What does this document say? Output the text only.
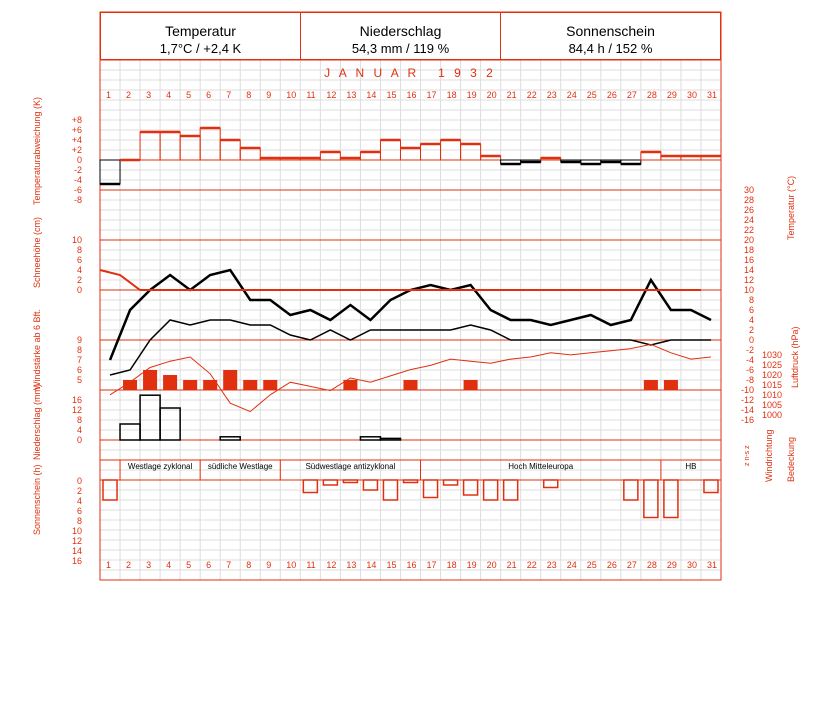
Temperatur
1,7°C / +2,4 K
Niederschlag
54,3 mm / 119 %
Sonnenschein
84,4 h / 152 %
J A N U A R   1 9 3 2
Temperaturabweichung (K)
Schneehöhe (cm)
Windstärke ab 6 Bft.
Niederschlag (mm)
Sonnenschein (h)
Temperatur (°C)
Luftdruck (hPa)
Windrichtung Bedeckung
z n-s z
1
1
2
2
3
3
4
4
5
5
6
6
7
7
8
8
9
9
10
10
11
11
12
12
13
13
14
14
15
15
16
16
17
17
18
18
19
19
20
20
21
21
22
22
23
23
24
24
25
25
26
26
27
27
28
28
29
29
30
30
31
31
+8
+6
+4
+2
0
-2
-4
-6
-8
10
8
6
4
2
0
9
8
7
6
5
16
12
8
4
0
0
2
4
6
8
10
12
14
16
30
28
26
24
22
20
18
16
14
12
10
8
6
4
2
0
-2
-4
-6
-8
-10
-12
-14
-16
1030
1025
1020
1015
1010
1005
1000
Westlage zyklonal	südliche Westlage	Südwestlage antizyklonal	Hoch Mitteleuropa	HB
